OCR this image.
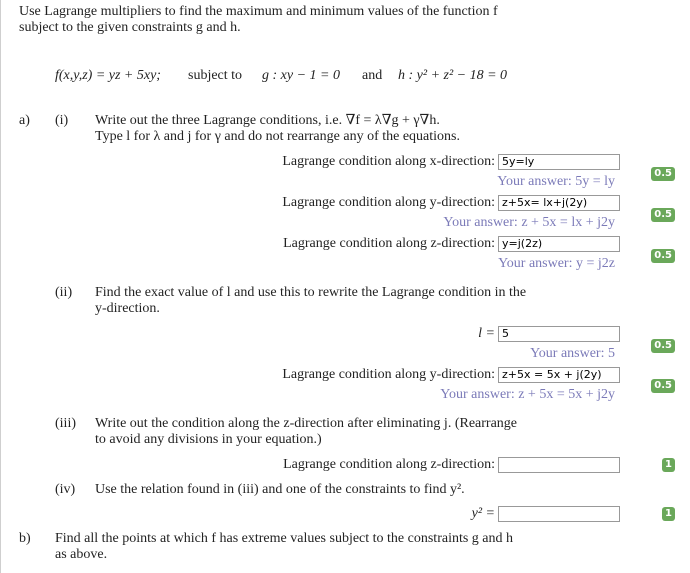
Use Lagrange multipliers to find the maximum and minimum values of the function f
subject to the given constraints g and h.
f(x,y,z) = yz + 5xy; subject to g : xy − 1 = 0 and h : y² + z² − 18 = 0
a) (i) Write out the three Lagrange conditions, i.e. ∇f = λ∇g + γ∇h.
Type l for λ and j for γ and do not rearrange any of the equations.
Lagrange condition along x-direction: 5y=ly
Your answer: 5y = ly
0.5
Lagrange condition along y-direction: z+5x= lx+j(2y)
Your answer: z + 5x = lx + j2y
0.5
Lagrange condition along z-direction: y=j(2z)
Your answer: y = j2z
0.5
(ii) Find the exact value of l and use this to rewrite the Lagrange condition in the
y-direction.
l = 5
Your answer: 5
0.5
Lagrange condition along y-direction: z+5x = 5x + j(2y)
Your answer: z + 5x = 5x + j2y
0.5
(iii) Write out the condition along the z-direction after eliminating j. (Rearrange
to avoid any divisions in your equation.)
Lagrange condition along z-direction:	1
(iv) Use the relation found in (iii) and one of the constraints to find y².
y² =	1
b) Find all the points at which f has extreme values subject to the constraints g and h
as above.
